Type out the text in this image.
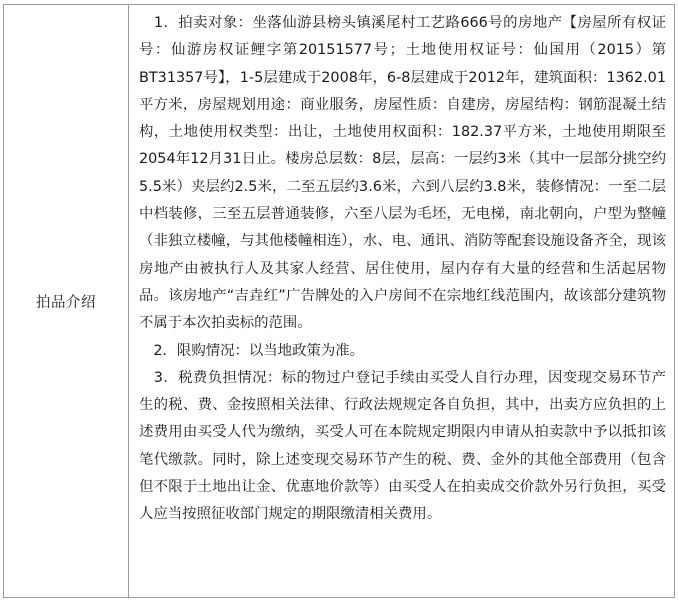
拍品介绍

　1．拍卖对象：坐落仙游县榜头镇溪尾村工艺路666号的房地产【房屋所有权证号：仙游房权证鲤字第20151577号；土地使用权证号：仙国用（2015）第BT31357号】，1-5层建成于2008年，6-8层建成于2012年，建筑面积：1362.01平方米，房屋规划用途：商业服务，房屋性质：自建房，房屋结构：钢筋混凝土结构，土地使用权类型：出让，土地使用权面积：182.37平方米，土地使用期限至2054年12月31日止。楼房总层数：8层，层高：一层约3米（其中一层部分挑空约5.5米）夹层约2.5米，二至五层约3.6米，六到八层约3.8米，装修情况：一至二层中档装修，三至五层普通装修，六至八层为毛坯，无电梯，南北朝向，户型为整幢（非独立楼幢，与其他楼幢相连），水、电、通讯、消防等配套设施设备齐全，现该房地产由被执行人及其家人经营、居住使用，屋内存有大量的经营和生活起居物品。该房地产“吉垚红”广告牌处的入户房间不在宗地红线范围内，故该部分建筑物不属于本次拍卖标的范围。

　2．限购情况：以当地政策为准。

　3．税费负担情况：标的物过户登记手续由买受人自行办理，因变现交易环节产生的税、费、金按照相关法律、行政法规规定各自负担，其中，出卖方应负担的上述费用由买受人代为缴纳，买受人可在本院规定期限内申请从拍卖款中予以抵扣该笔代缴款。同时，除上述变现交易环节产生的税、费、金外的其他全部费用（包含但不限于土地出让金、优惠地价款等）由买受人在拍卖成交价款外另行负担，买受人应当按照征收部门规定的期限缴清相关费用。
